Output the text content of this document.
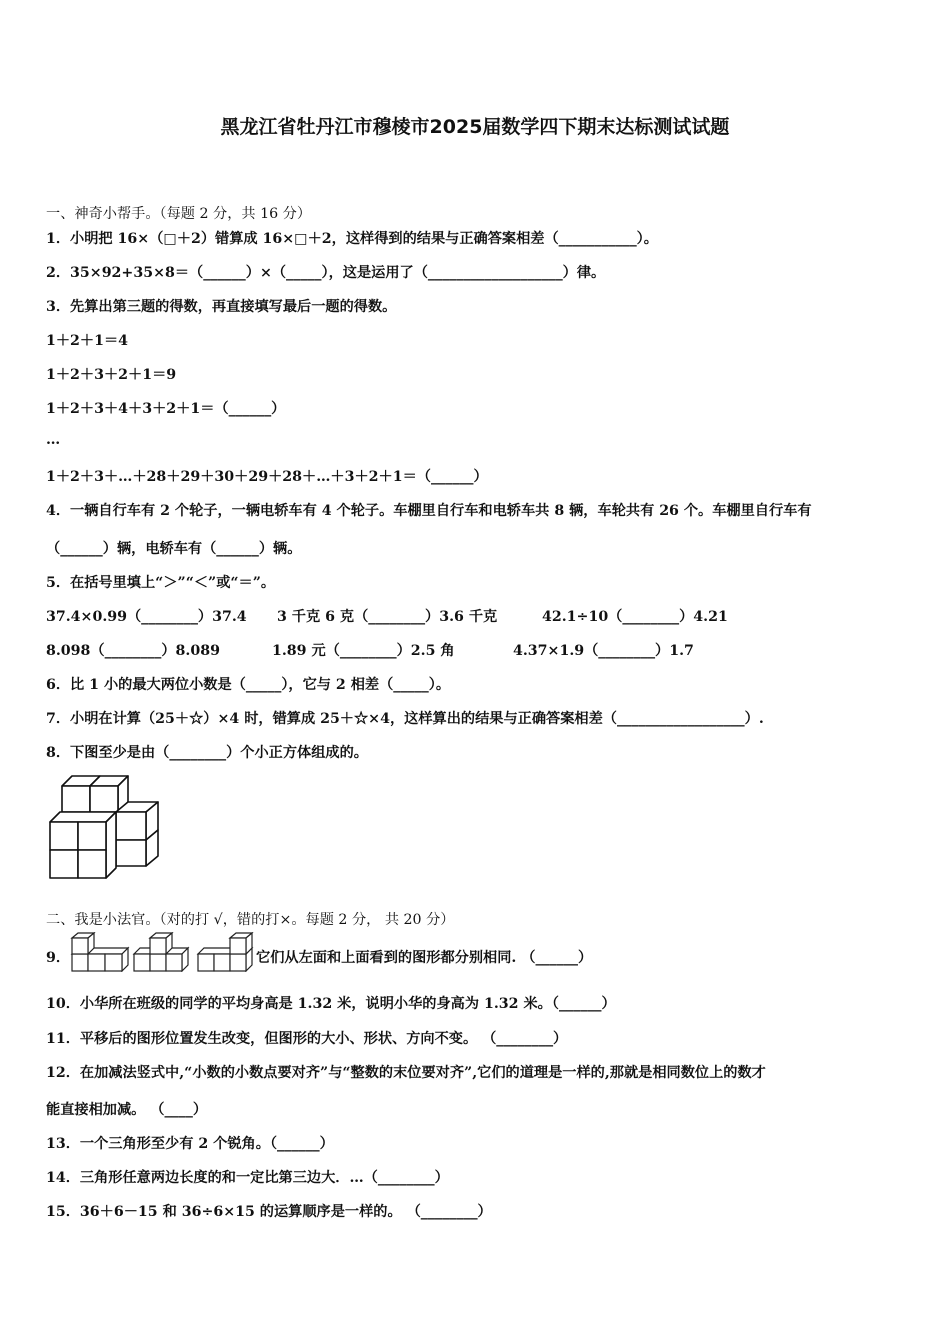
黑龙江省牡丹江市穆棱市2025届数学四下期末达标测试试题
一、神奇小帮手。（每题 2 分，共 16 分）
1．小明把 16×（□＋2）错算成 16×□＋2，这样得到的结果与正确答案相差（___________）。
2．35×92+35×8＝（______）×（_____），这是运用了（___________________）律。
3．先算出第三题的得数，再直接填写最后一题的得数。
1＋2＋1＝4
1＋2＋3＋2＋1＝9
1＋2＋3＋4＋3＋2＋1＝（______）
…
1＋2＋3＋…＋28＋29＋30＋29＋28＋…＋3＋2＋1＝（______）
4．一辆自行车有 2 个轮子，一辆电轿车有 4 个轮子。车棚里自行车和电轿车共 8 辆，车轮共有 26 个。车棚里自行车有
（______）辆，电轿车有（______）辆。
5．在括号里填上“＞”“＜”或“＝”。
37.4×0.99（________）37.4 3 千克 6 克（________）3.6 千克	42.1÷10（________）4.21
8.098（________）8.089	1.89 元（________）2.5 角	4.37×1.9（________）1.7
6．比 1 小的最大两位小数是（_____），它与 2 相差（_____）。
7．小明在计算（25＋☆）×4 时，错算成 25＋☆×4，这样算出的结果与正确答案相差（__________________）.
8．下图至少是由（________）个小正方体组成的。
二、我是小法官。（对的打 √，错的打×。每题 2 分， 共 20 分）
9．	它们从左面和上面看到的图形都分别相同. （______）
10．小华所在班级的同学的平均身高是 1.32 米，说明小华的身高为 1.32 米。（______）
11．平移后的图形位置发生改变，但图形的大小、形状、方向不变。 （________）
12．在加减法竖式中,“小数的小数点要对齐”与“整数的末位要对齐”,它们的道理是一样的,那就是相同数位上的数才
能直接相加减。 （____）
13．一个三角形至少有 2 个锐角。（______）
14．三角形任意两边长度的和一定比第三边大．…（________）
15．36＋6－15 和 36÷6×15 的运算顺序是一样的。 （________）
